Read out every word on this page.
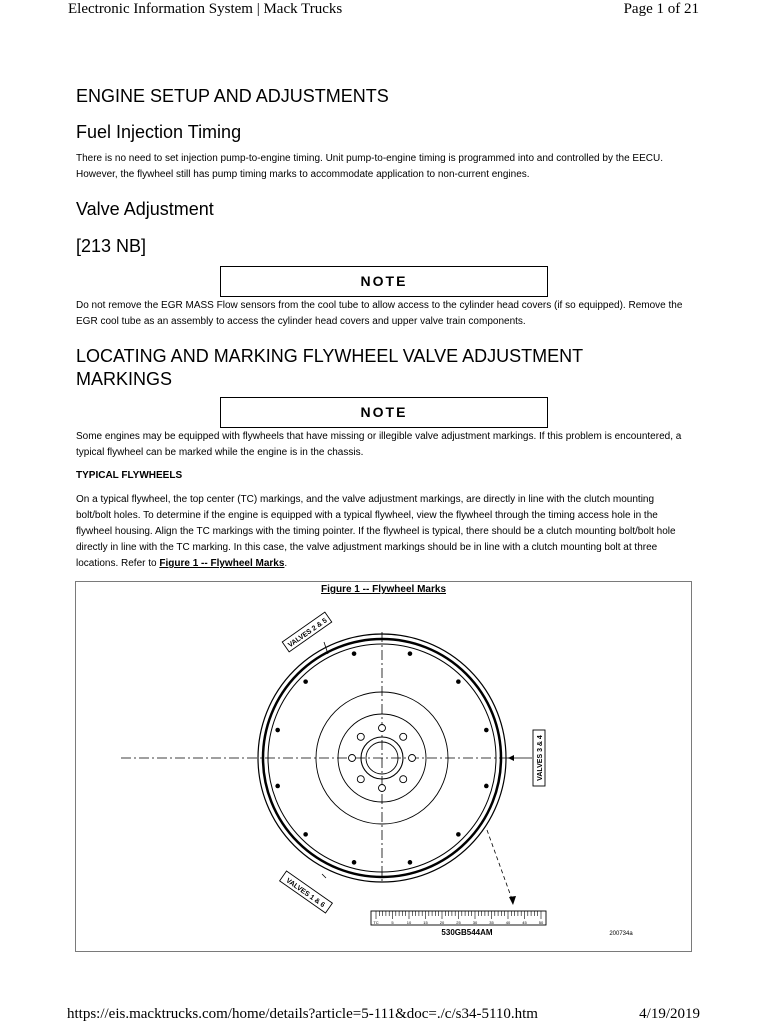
Electronic Information System | Mack Trucks	Page 1 of 21
ENGINE SETUP AND ADJUSTMENTS
Fuel Injection Timing

There is no need to set injection pump-to-engine timing. Unit pump-to-engine timing is programmed into and controlled by the EECU. However, the flywheel still has pump timing marks to accommodate application to non-current engines.

Valve Adjustment
[213 NB]
NOTE

Do not remove the EGR MASS Flow sensors from the cool tube to allow access to the cylinder head covers (if so equipped). Remove the EGR cool tube as an assembly to access the cylinder head covers and upper valve train components.

LOCATING AND MARKING FLYWHEEL VALVE ADJUSTMENT MARKINGS
NOTE

Some engines may be equipped with flywheels that have missing or illegible valve adjustment markings. If this problem is encountered, a typical flywheel can be marked while the engine is in the chassis.

TYPICAL FLYWHEELS

On a typical flywheel, the top center (TC) markings, and the valve adjustment markings, are directly in line with the clutch mounting bolt/bolt holes. To determine if the engine is equipped with a typical flywheel, view the flywheel through the timing access hole in the flywheel housing. Align the TC markings with the timing pointer. If the flywheel is typical, there should be a clutch mounting bolt/bolt hole directly in line with the TC marking. In this case, the valve adjustment markings should be in line with a clutch mounting bolt at three locations. Refer to Figure 1 -- Flywheel Marks.

Figure 1 -- Flywheel Marks
VALVES 2 & 5
VALVES 3 & 4
VALVES 1 & 6
TC	5	10	15	20	25	30	35	40	45	50
530GB544AM	200734a
https://eis.macktrucks.com/home/details?article=5-111&doc=./c/s34-5110.htm	4/19/2019
